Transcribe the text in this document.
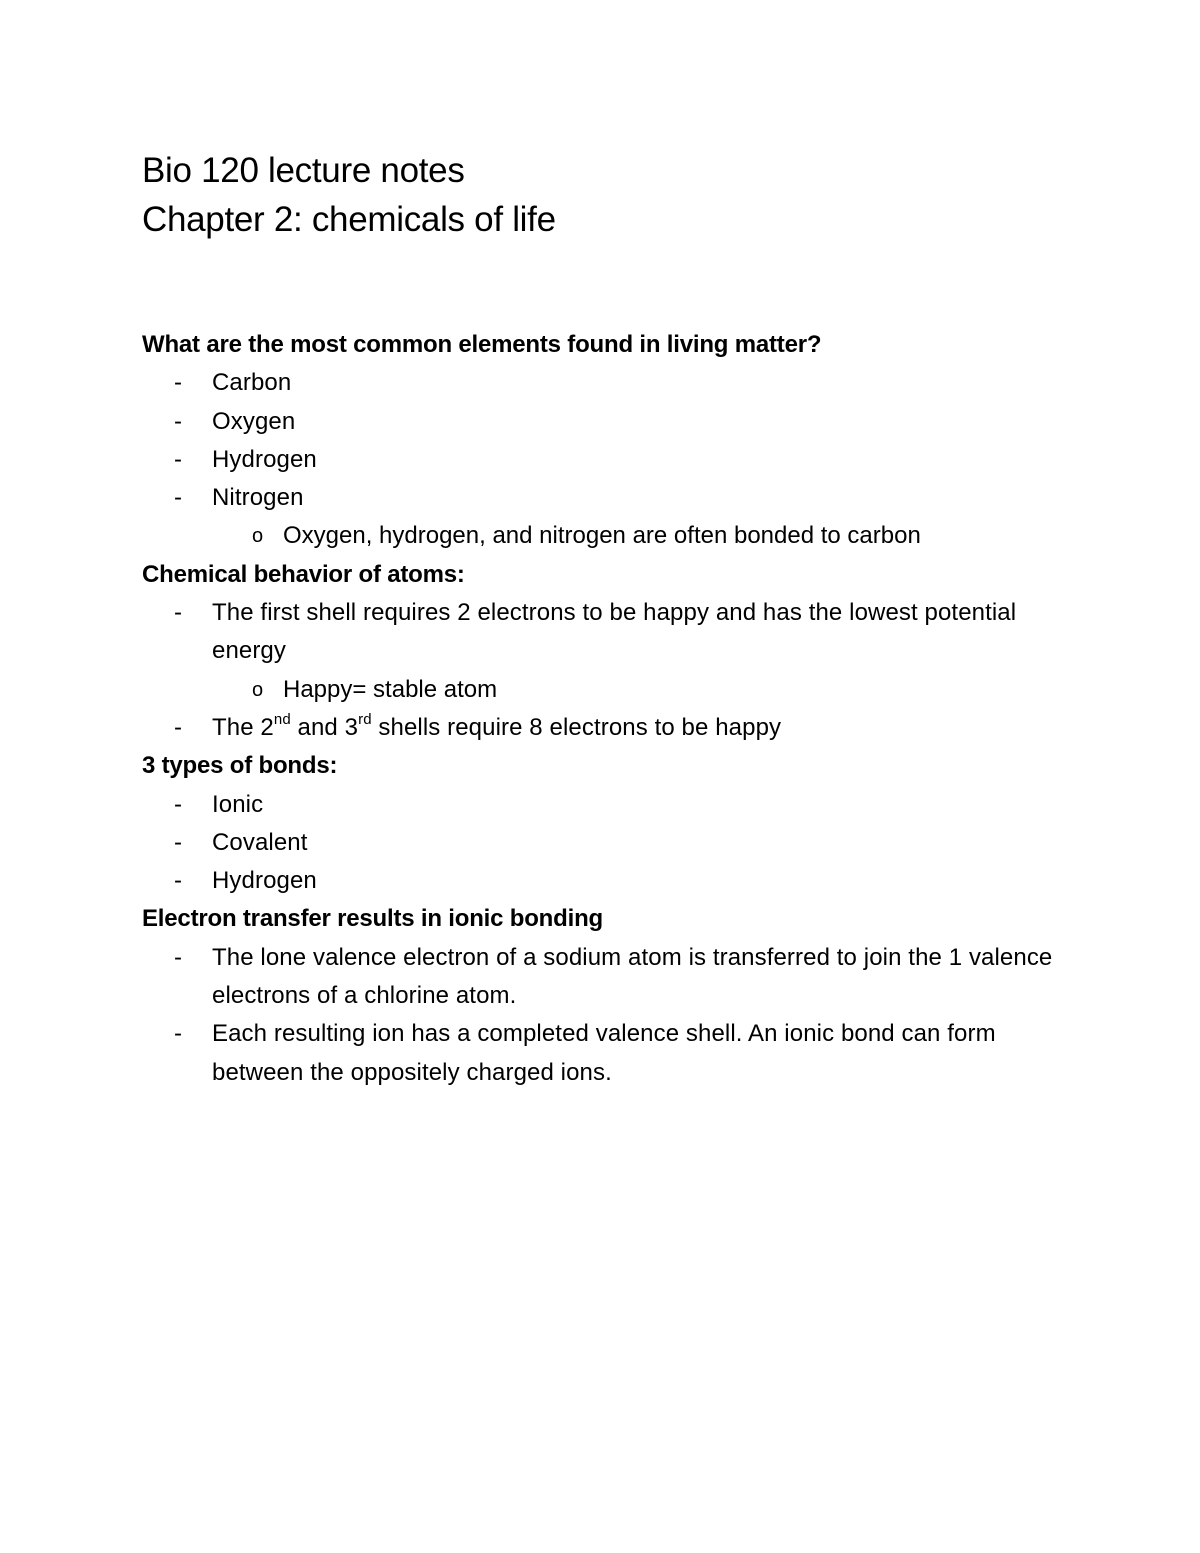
Bio 120 lecture notes
Chapter 2: chemicals of life
What are the most common elements found in living matter?
- Carbon
- Oxygen
- Hydrogen
- Nitrogen
o Oxygen, hydrogen, and nitrogen are often bonded to carbon
Chemical behavior of atoms:
- The first shell requires 2 electrons to be happy and has the lowest potential energy
o Happy= stable atom
- The 2nd and 3rd shells require 8 electrons to be happy
3 types of bonds:
- Ionic
- Covalent
- Hydrogen
Electron transfer results in ionic bonding
- The lone valence electron of a sodium atom is transferred to join the 1 valence electrons of a chlorine atom.
- Each resulting ion has a completed valence shell. An ionic bond can form between the oppositely charged ions.
